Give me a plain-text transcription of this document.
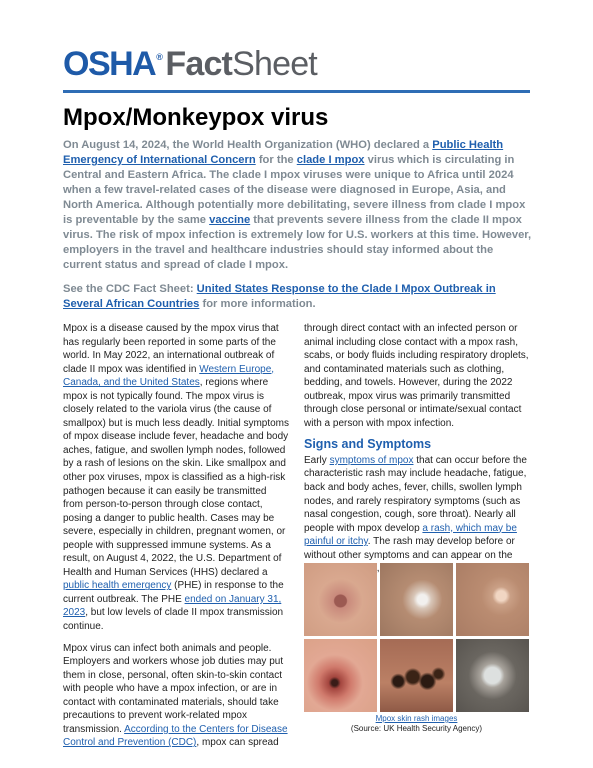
OSHA ® Fact Sheet
Mpox/Monkeypox virus

On August 14, 2024, the World Health Organization (WHO) declared a Public Health Emergency of International Concern for the clade I mpox virus which is circulating in Central and Eastern Africa. The clade I mpox viruses were unique to Africa until 2024 when a few travel-related cases of the disease were diagnosed in Europe, Asia, and North America. Although potentially more debilitating, severe illness from clade I mpox is preventable by the same vaccine that prevents severe illness from the clade II mpox virus. The risk of mpox infection is extremely low for U.S. workers at this time. However, employers in the travel and healthcare industries should stay informed about the current status and spread of clade I mpox.

See the CDC Fact Sheet: United States Response to the Clade I Mpox Outbreak in Several African Countries for more information.

Mpox is a disease caused by the mpox virus that has regularly been reported in some parts of the world. In May 2022, an international outbreak of clade II mpox was identified in Western Europe, Canada, and the United States, regions where mpox is not typically found. The mpox virus is closely related to the variola virus (the cause of smallpox) but is much less deadly. Initial symptoms of mpox disease include fever, headache and body aches, fatigue, and swollen lymph nodes, followed by a rash of lesions on the skin. Like smallpox and other pox viruses, mpox is classified as a high-risk pathogen because it can easily be transmitted from person-to-person through close contact, posing a danger to public health. Cases may be severe, especially in children, pregnant women, or people with suppressed immune systems. As a result, on August 4, 2022, the U.S. Department of Health and Human Services (HHS) declared a public health emergency (PHE) in response to the current outbreak. The PHE ended on January 31, 2023, but low levels of clade II mpox transmission continue.

Mpox virus can infect both animals and people. Employers and workers whose job duties may put them in close, personal, often skin-to-skin contact with people who have a mpox infection, or are in contact with contaminated materials, should take precautions to prevent work-related mpox transmission. According to the Centers for Disease Control and Prevention (CDC), mpox can spread

through direct contact with an infected person or animal including close contact with a mpox rash, scabs, or body fluids including respiratory droplets, and contaminated materials such as clothing, bedding, and towels. However, during the 2022 outbreak, mpox virus was primarily transmitted through close personal or intimate/sexual contact with a person with mpox infection.

Signs and Symptoms

Early symptoms of mpox that can occur before the characteristic rash may include headache, fatigue, back and body aches, fever, chills, swollen lymph nodes, and rarely respiratory symptoms (such as nasal congestion, cough, sore throat). Nearly all people with mpox develop a rash, which may be painful or itchy. The rash may develop before or without other symptoms and can appear on the

Mpox skin rash images
(Source: UK Health Security Agency)
